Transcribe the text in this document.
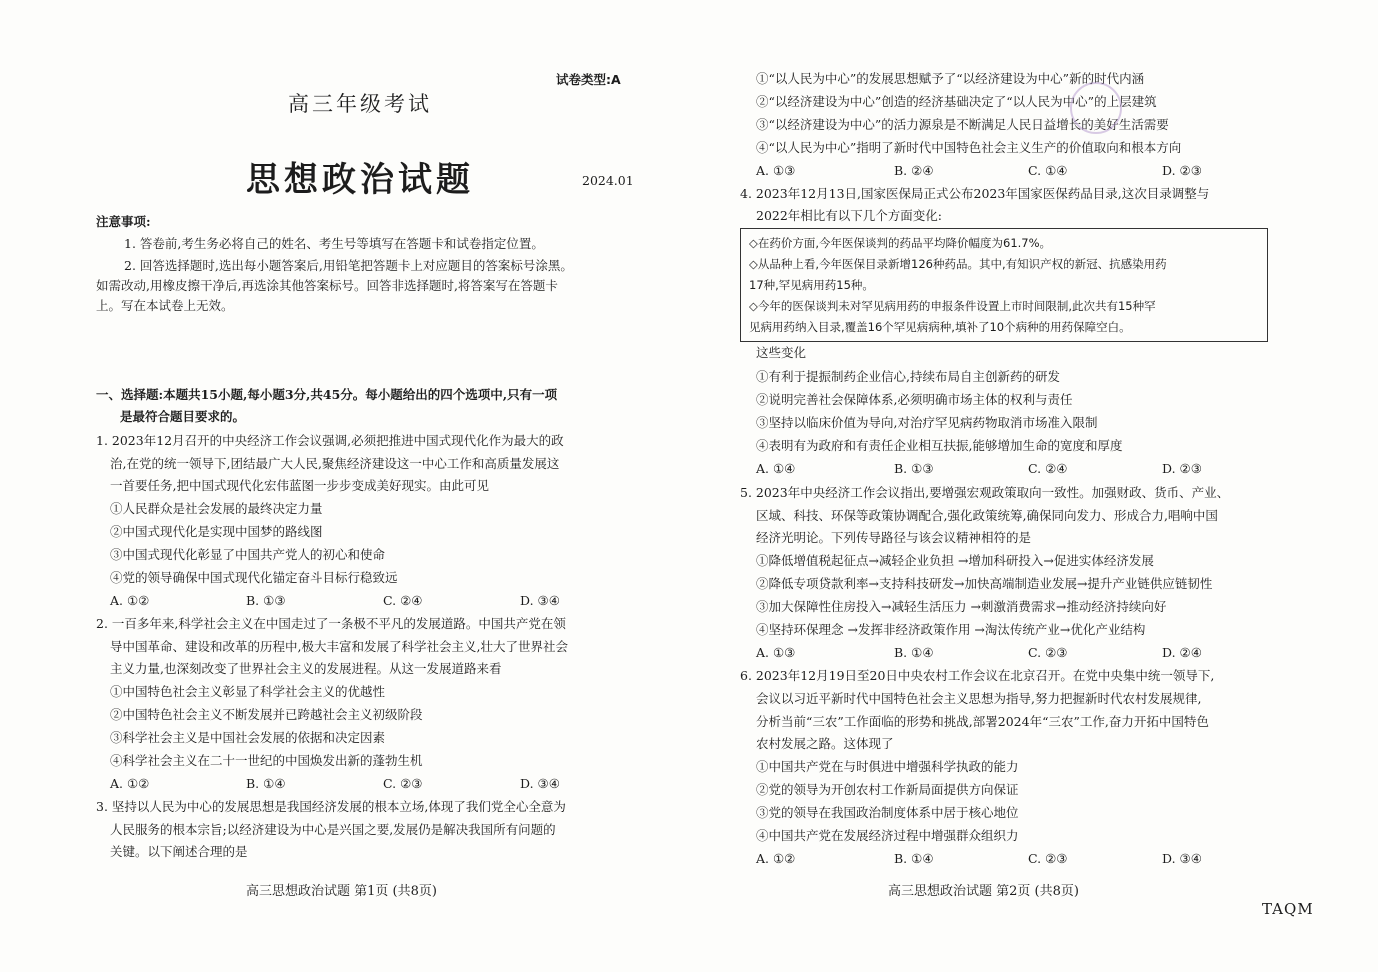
试卷类型:A
高三年级考试
思想政治试题	2024.01
注意事项:
1. 答卷前,考生务必将自己的姓名、考生号等填写在答题卡和试卷指定位置。
2. 回答选择题时,选出每小题答案后,用铅笔把答题卡上对应题目的答案标号涂黑。
如需改动,用橡皮擦干净后,再选涂其他答案标号。回答非选择题时,将答案写在答题卡
上。写在本试卷上无效。
一、选择题:本题共15小题,每小题3分,共45分。每小题给出的四个选项中,只有一项
是最符合题目要求的。
1. 2023年12月召开的中央经济工作会议强调,必须把推进中国式现代化作为最大的政
治,在党的统一领导下,团结最广大人民,聚焦经济建设这一中心工作和高质量发展这
一首要任务,把中国式现代化宏伟蓝图一步步变成美好现实。由此可见
①人民群众是社会发展的最终决定力量
②中国式现代化是实现中国梦的路线图
③中国式现代化彰显了中国共产党人的初心和使命
④党的领导确保中国式现代化锚定奋斗目标行稳致远
A. ①②	B. ①③	C. ②④	D. ③④
2. 一百多年来,科学社会主义在中国走过了一条极不平凡的发展道路。中国共产党在领
导中国革命、建设和改革的历程中,极大丰富和发展了科学社会主义,壮大了世界社会
主义力量,也深刻改变了世界社会主义的发展进程。从这一发展道路来看
①中国特色社会主义彰显了科学社会主义的优越性
②中国特色社会主义不断发展并已跨越社会主义初级阶段
③科学社会主义是中国社会发展的依据和决定因素
④科学社会主义在二十一世纪的中国焕发出新的蓬勃生机
A. ①②	B. ①④	C. ②③	D. ③④
3. 坚持以人民为中心的发展思想是我国经济发展的根本立场,体现了我们党全心全意为
人民服务的根本宗旨;以经济建设为中心是兴国之要,发展仍是解决我国所有问题的
关键。以下阐述合理的是
高三思想政治试题 第1页 (共8页)
①“以人民为中心”的发展思想赋予了“以经济建设为中心”新的时代内涵
②“以经济建设为中心”创造的经济基础决定了“以人民为中心”的上层建筑
③“以经济建设为中心”的活力源泉是不断满足人民日益增长的美好生活需要
④“以人民为中心”指明了新时代中国特色社会主义生产的价值取向和根本方向
A. ①③	B. ②④	C. ①④	D. ②③
4. 2023年12月13日,国家医保局正式公布2023年国家医保药品目录,这次目录调整与
2022年相比有以下几个方面变化:
◇在药价方面,今年医保谈判的药品平均降价幅度为61.7%。
◇从品种上看,今年医保目录新增126种药品。其中,有知识产权的新冠、抗感染用药
17种,罕见病用药15种。
◇今年的医保谈判未对罕见病用药的申报条件设置上市时间限制,此次共有15种罕
见病用药纳入目录,覆盖16个罕见病病种,填补了10个病种的用药保障空白。
这些变化
①有利于提振制药企业信心,持续布局自主创新药的研发
②说明完善社会保障体系,必须明确市场主体的权利与责任
③坚持以临床价值为导向,对治疗罕见病药物取消市场准入限制
④表明有为政府和有责任企业相互扶振,能够增加生命的宽度和厚度
A. ①④	B. ①③	C. ②④	D. ②③
5. 2023年中央经济工作会议指出,要增强宏观政策取向一致性。加强财政、货币、产业、
区域、科技、环保等政策协调配合,强化政策统筹,确保同向发力、形成合力,唱响中国
经济光明论。下列传导路径与该会议精神相符的是
①降低增值税起征点→减轻企业负担 →增加科研投入→促进实体经济发展
②降低专项贷款利率→支持科技研发→加快高端制造业发展→提升产业链供应链韧性
③加大保障性住房投入→减轻生活压力 →刺激消费需求→推动经济持续向好
④坚持环保理念 →发挥非经济政策作用 →淘汰传统产业→优化产业结构
A. ①③	B. ①④	C. ②③	D. ②④
6. 2023年12月19日至20日中央农村工作会议在北京召开。在党中央集中统一领导下,
会议以习近平新时代中国特色社会主义思想为指导,努力把握新时代农村发展规律,
分析当前“三农”工作面临的形势和挑战,部署2024年“三农”工作,奋力开拓中国特色
农村发展之路。这体现了
①中国共产党在与时俱进中增强科学执政的能力
②党的领导为开创农村工作新局面提供方向保证
③党的领导在我国政治制度体系中居于核心地位
④中国共产党在发展经济过程中增强群众组织力
A. ①②	B. ①④	C. ②③	D. ③④
高三思想政治试题 第2页 (共8页)
TAQM
